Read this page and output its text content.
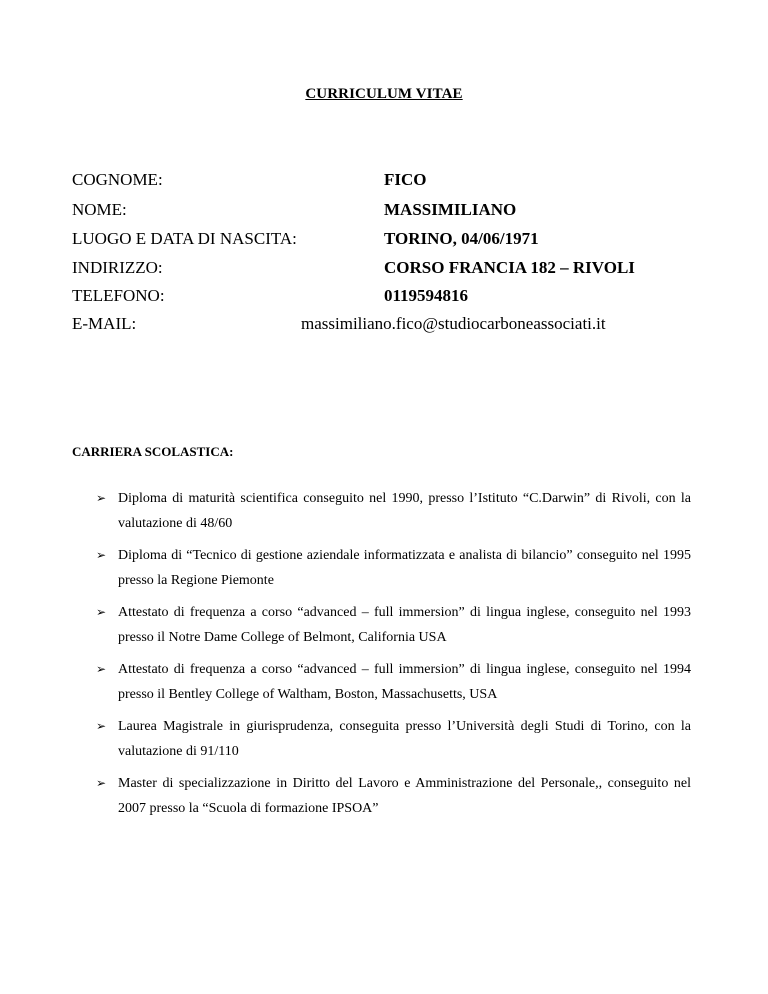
CURRICULUM VITAE
COGNOME:	FICO
NOME:	MASSIMILIANO
LUOGO E DATA DI NASCITA:	TORINO, 04/06/1971
INDIRIZZO:	CORSO FRANCIA 182 – RIVOLI
TELEFONO:	0119594816
E-MAIL:	massimiliano.fico@studiocarboneassociati.it
CARRIERA SCOLASTICA:
➢ Diploma di maturità scientifica conseguito nel 1990, presso l’Istituto “C.Darwin” di Rivoli, con la valutazione di 48/60
➢ Diploma di “Tecnico di gestione aziendale informatizzata e analista di bilancio” conseguito nel 1995 presso la Regione Piemonte
➢ Attestato di frequenza a corso “advanced – full immersion” di lingua inglese, conseguito nel 1993 presso il Notre Dame College of Belmont, California USA
➢ Attestato di frequenza a corso “advanced – full immersion” di lingua inglese, conseguito nel 1994 presso il Bentley College of Waltham, Boston, Massachusetts, USA
➢ Laurea Magistrale in giurisprudenza, conseguita presso l’Università degli Studi di Torino, con la valutazione di 91/110
➢ Master di specializzazione in Diritto del Lavoro e Amministrazione del Personale,, conseguito nel 2007 presso la “Scuola di formazione IPSOA”
